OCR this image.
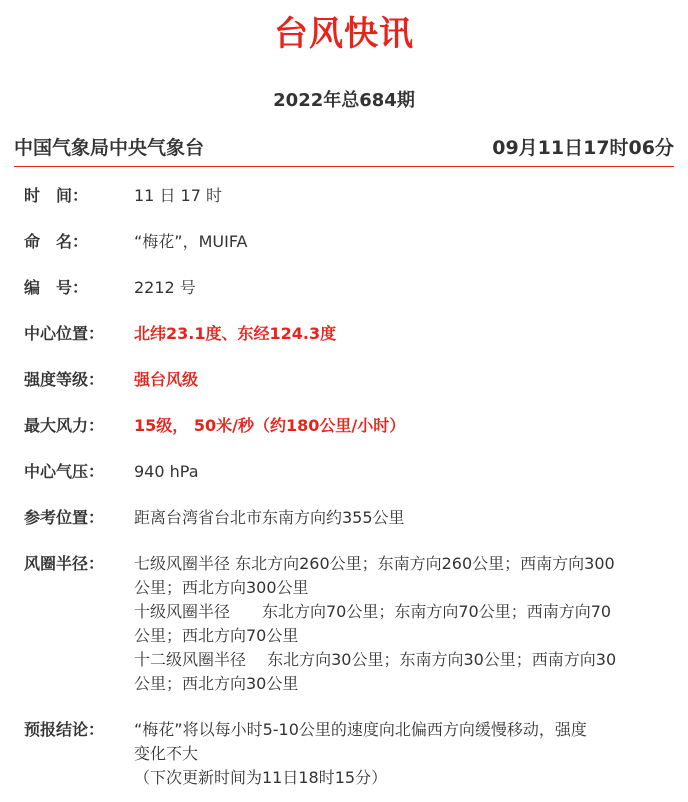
台风快讯
2022年总684期
中国气象局中央气象台	09月11日17时06分
时　间：	11 日 17 时
命　名：	“梅花”，MUIFA
编　号：	2212 号
中心位置：	北纬23.1度、东经124.3度
强度等级：	强台风级
最大风力：	15级， 50米/秒（约180公里/小时）
中心气压：	940 hPa
参考位置：	距离台湾省台北市东南方向约355公里
风圈半径：	七级风圈半径 东北方向260公里；东南方向260公里；西南方向300
公里；西北方向300公里
十级风圈半径　　东北方向70公里；东南方向70公里；西南方向70
公里；西北方向70公里
十二级风圈半径　 东北方向30公里；东南方向30公里；西南方向30
公里；西北方向30公里
预报结论：	“梅花”将以每小时5-10公里的速度向北偏西方向缓慢移动，强度
变化不大
（下次更新时间为11日18时15分）
